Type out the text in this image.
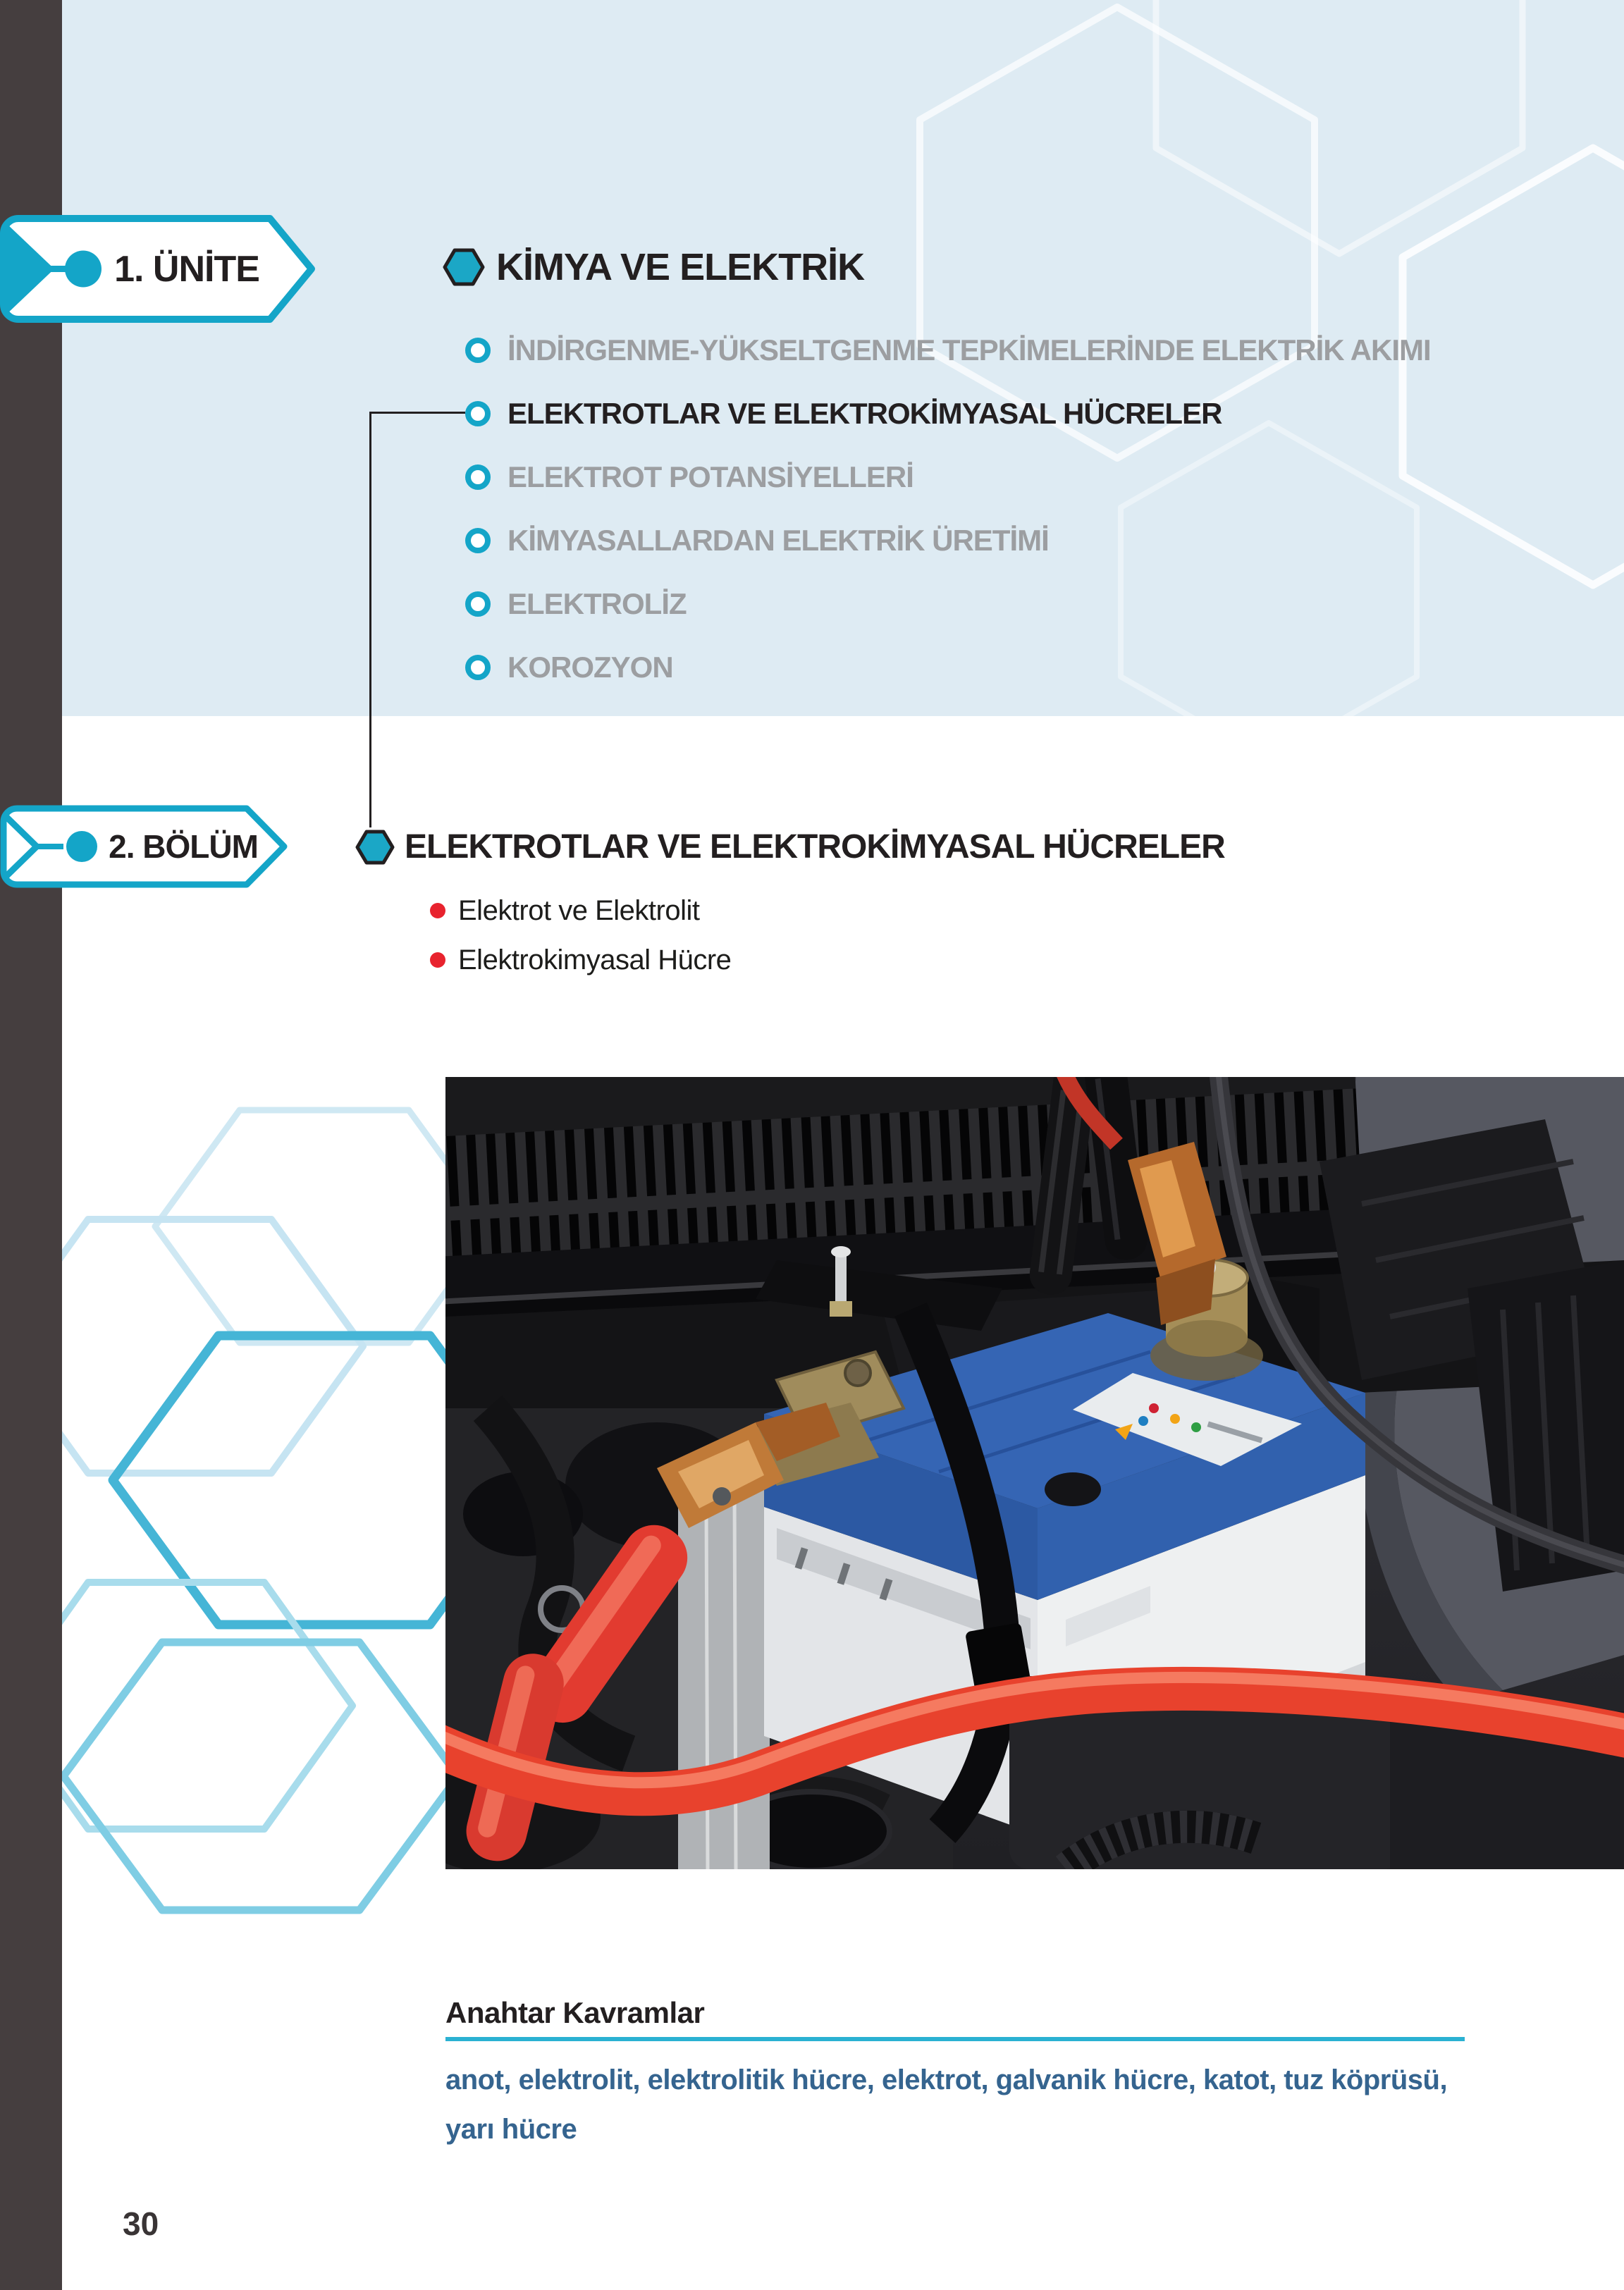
1. ÜNİTE	KİMYA VE ELEKTRİK
İNDİRGENME-YÜKSELTGENME TEPKİMELERİNDE ELEKTRİK AKIMI
ELEKTROTLAR VE ELEKTROKİMYASAL HÜCRELER
ELEKTROT POTANSİYELLERİ
KİMYASALLARDAN ELEKTRİK ÜRETİMİ
ELEKTROLİZ
KOROZYON
2. BÖLÜM	ELEKTROTLAR VE ELEKTROKİMYASAL HÜCRELER
Elektrot ve Elektrolit
Elektrokimyasal Hücre
Anahtar Kavramlar
anot, elektrolit, elektrolitik hücre, elektrot, galvanik hücre, katot, tuz köprüsü, yarı hücre
30
